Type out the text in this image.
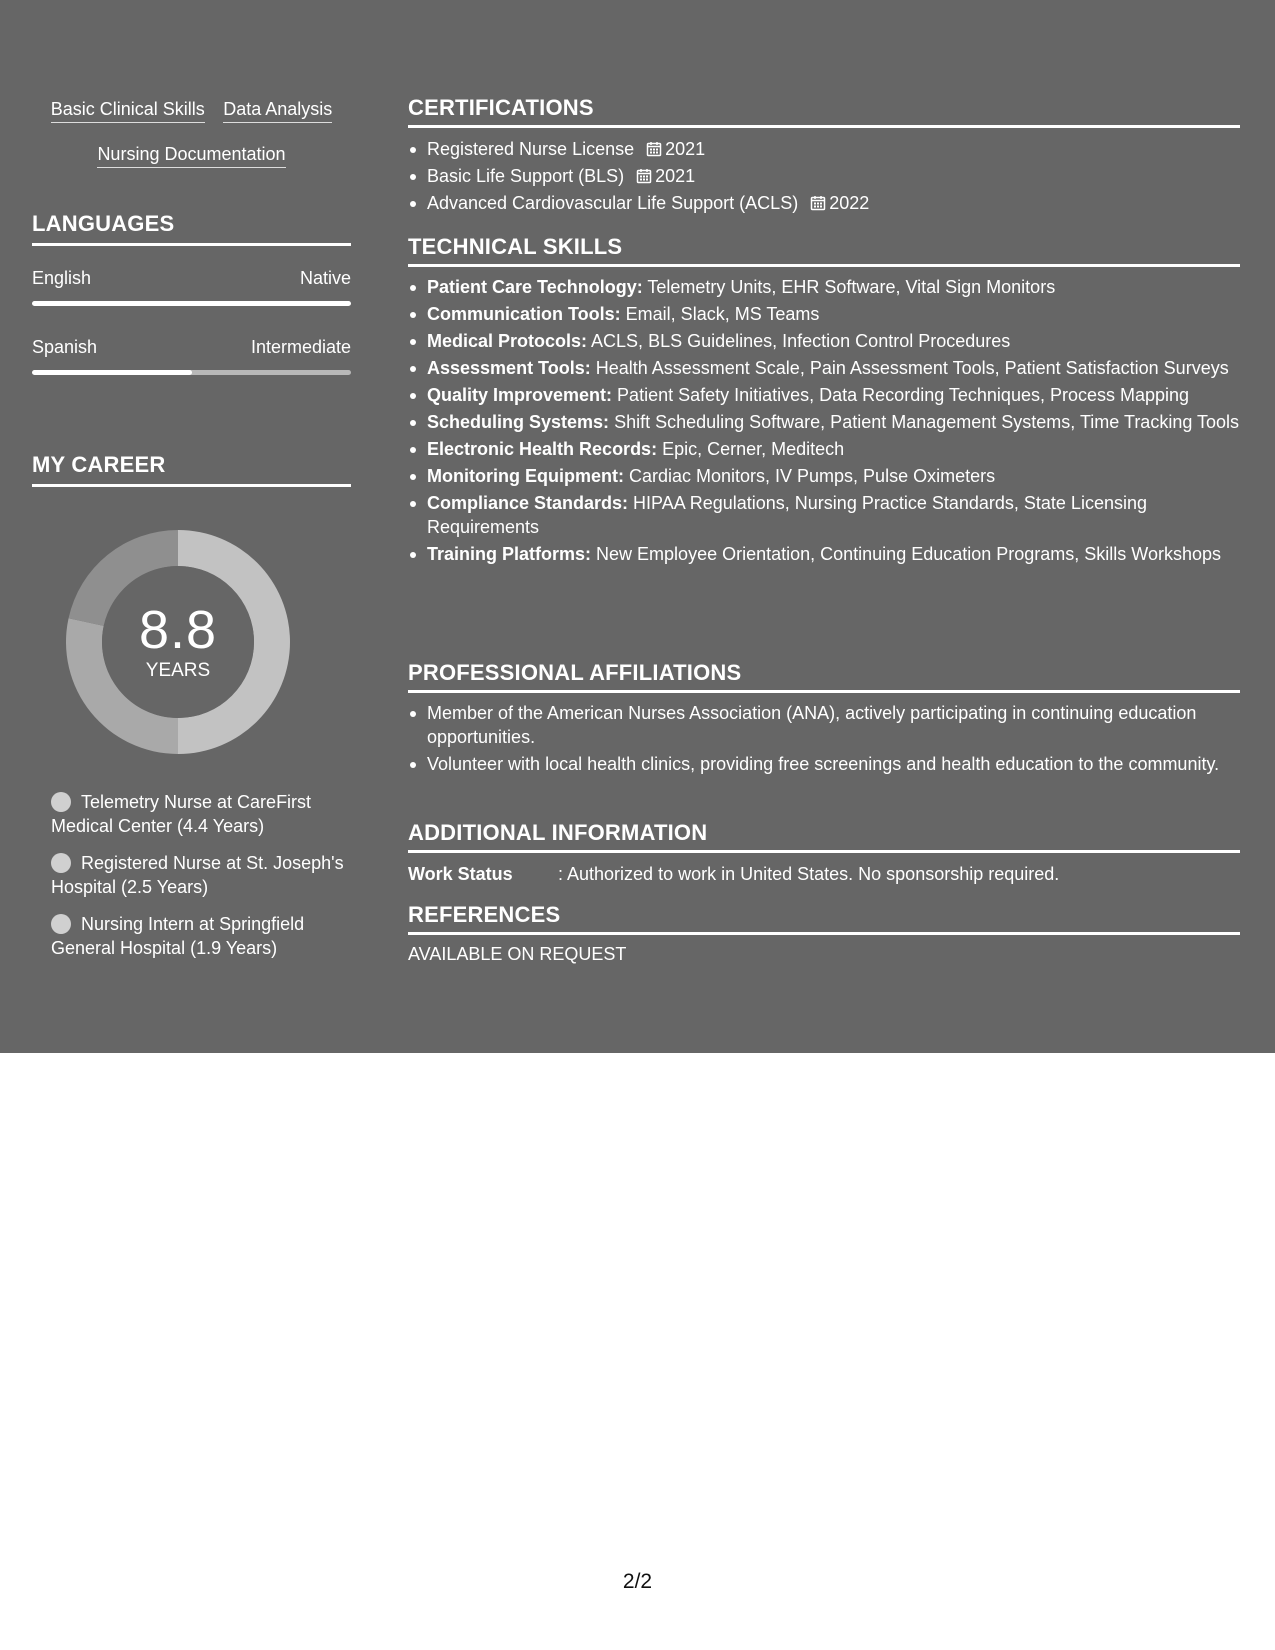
Basic Clinical Skills Data Analysis
Nursing Documentation
LANGUAGES
English	Native
Spanish	Intermediate
MY CAREER
8.8
YEARS
Telemetry Nurse at CareFirst Medical Center (4.4 Years)
Registered Nurse at St. Joseph's Hospital (2.5 Years)
Nursing Intern at Springfield General Hospital (1.9 Years)
CERTIFICATIONS
Registered Nurse License 2021
Basic Life Support (BLS) 2021
Advanced Cardiovascular Life Support (ACLS) 2022
TECHNICAL SKILLS
Patient Care Technology: Telemetry Units, EHR Software, Vital Sign Monitors
Communication Tools: Email, Slack, MS Teams
Medical Protocols: ACLS, BLS Guidelines, Infection Control Procedures
Assessment Tools: Health Assessment Scale, Pain Assessment Tools, Patient Satisfaction Surveys
Quality Improvement: Patient Safety Initiatives, Data Recording Techniques, Process Mapping
Scheduling Systems: Shift Scheduling Software, Patient Management Systems, Time Tracking Tools
Electronic Health Records: Epic, Cerner, Meditech
Monitoring Equipment: Cardiac Monitors, IV Pumps, Pulse Oximeters
Compliance Standards: HIPAA Regulations, Nursing Practice Standards, State Licensing Requirements
Training Platforms: New Employee Orientation, Continuing Education Programs, Skills Workshops
PROFESSIONAL AFFILIATIONS
Member of the American Nurses Association (ANA), actively participating in continuing education opportunities.
Volunteer with local health clinics, providing free screenings and health education to the community.
ADDITIONAL INFORMATION
Work Status	: Authorized to work in United States. No sponsorship required.
REFERENCES
AVAILABLE ON REQUEST
2/2
